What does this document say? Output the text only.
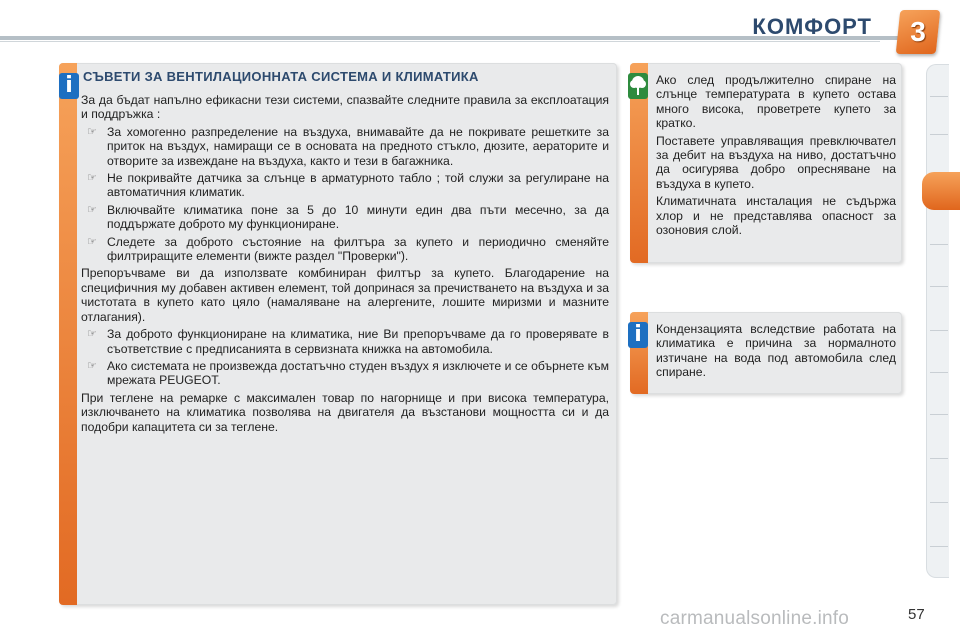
КОМФОРТ	3
i СЪВЕТИ ЗА ВЕНТИЛАЦИОННАТА СИСТЕМА И КЛИМАТИКА

За да бъдат напълно ефикасни тези системи, спазвайте следните правила за експлоатация и поддръжка :

☞ За хомогенно разпределение на въздуха, внимавайте да не покривате решетките за приток на въздух, намиращи се в основата на предното стъкло, дюзите, аераторите и отворите за извеждане на въздуха, както и тези в багажника.
☞ Не покривайте датчика за слънце в арматурното табло ; той служи за регулиране на автоматичния климатик.
☞ Включвайте климатика поне за 5 до 10 минути един два пъти месечно, за да поддържате доброто му функциониране.
☞ Следете за доброто състояние на филтъра за купето и периодично сменяйте филтриращите елементи (вижте раздел "Проверки").

Препоръчваме ви да използвате комбиниран филтър за купето. Благодарение на специфичния му добавен активен елемент, той допринася за пречистването на въздуха и за чистотата в купето като цяло (намаляване на алергените, лошите миризми и мазните отлагания).

☞ За доброто функциониране на климатика, ние Ви препоръчваме да го проверявате в съответствие с предписанията в сервизната книжка на автомобила.
☞ Ако системата не произвежда достатъчно студен въздух я изключете и се обърнете към мрежата PEUGEOT.

При теглене на ремарке с максимален товар по нагорнище и при висока температура, изключването на климатика позволява на двигателя да възстанови мощността си и да подобри капацитета си за теглене.

Ако след продължително спиране на слънце температурата в купето остава много висока, проветрете купето за кратко.

Поставете управляващия превключвател за дебит на въздуха на ниво, достатъчно да осигурява добро опресняване на въздуха в купето.

Климатичната инсталация не съдържа хлор и не представлява опасност за озоновия слой.

i	Кондензацията вследствие работата на климатика е причина за нормалното изтичане на вода под автомобила след спиране.

carmanualsonline.info	57
